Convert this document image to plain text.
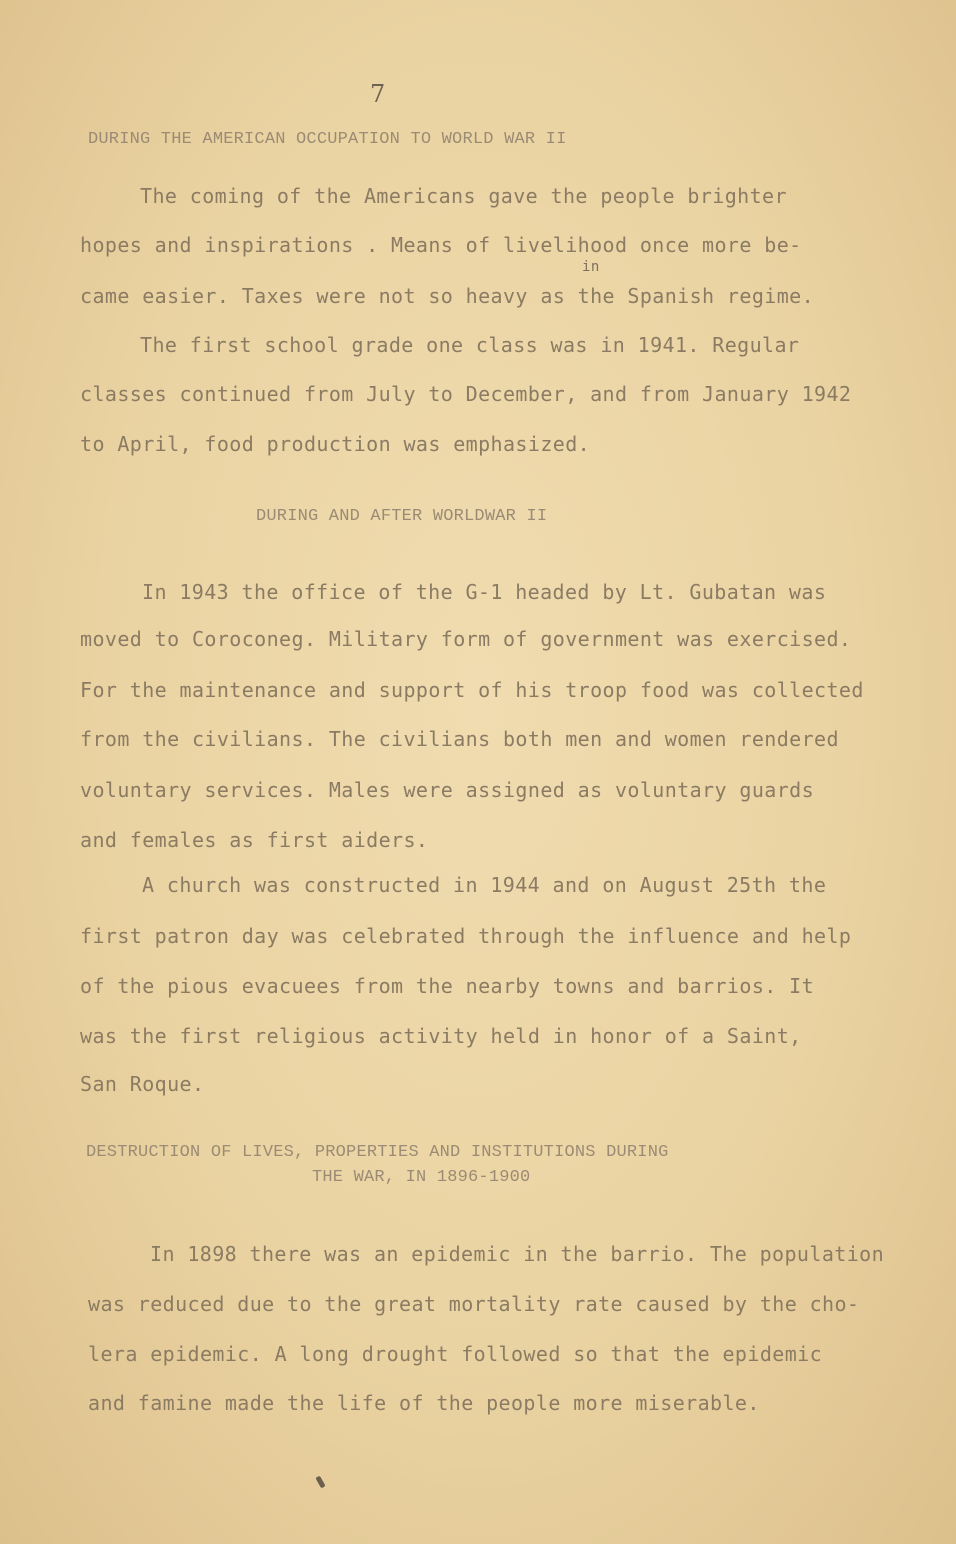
7
DURING THE AMERICAN OCCUPATION TO WORLD WAR II
The coming of the Americans gave the people brighter
hopes and inspirations . Means of livelihood once more be-
in
came easier. Taxes were not so heavy as the Spanish regime.
The first school grade one class was in 1941. Regular
classes continued from July to December, and from January 1942
to April, food production was emphasized.
DURING AND AFTER WORLDWAR II
In 1943 the office of the G-1 headed by Lt. Gubatan was
moved to Coroconeg. Military form of government was exercised.
For the maintenance and support of his troop food was collected
from the civilians. The civilians both men and women rendered
voluntary services. Males were assigned as voluntary guards
and females as first aiders.
A church was constructed in 1944 and on August 25th the
first patron day was celebrated through the influence and help
of the pious evacuees from the nearby towns and barrios. It
was the first religious activity held in honor of a Saint,
San Roque.
DESTRUCTION OF LIVES, PROPERTIES AND INSTITUTIONS DURING
THE WAR, IN 1896-1900
In 1898 there was an epidemic in the barrio. The population
was reduced due to the great mortality rate caused by the cho-
lera epidemic. A long drought followed so that the epidemic
and famine made the life of the people more miserable.
